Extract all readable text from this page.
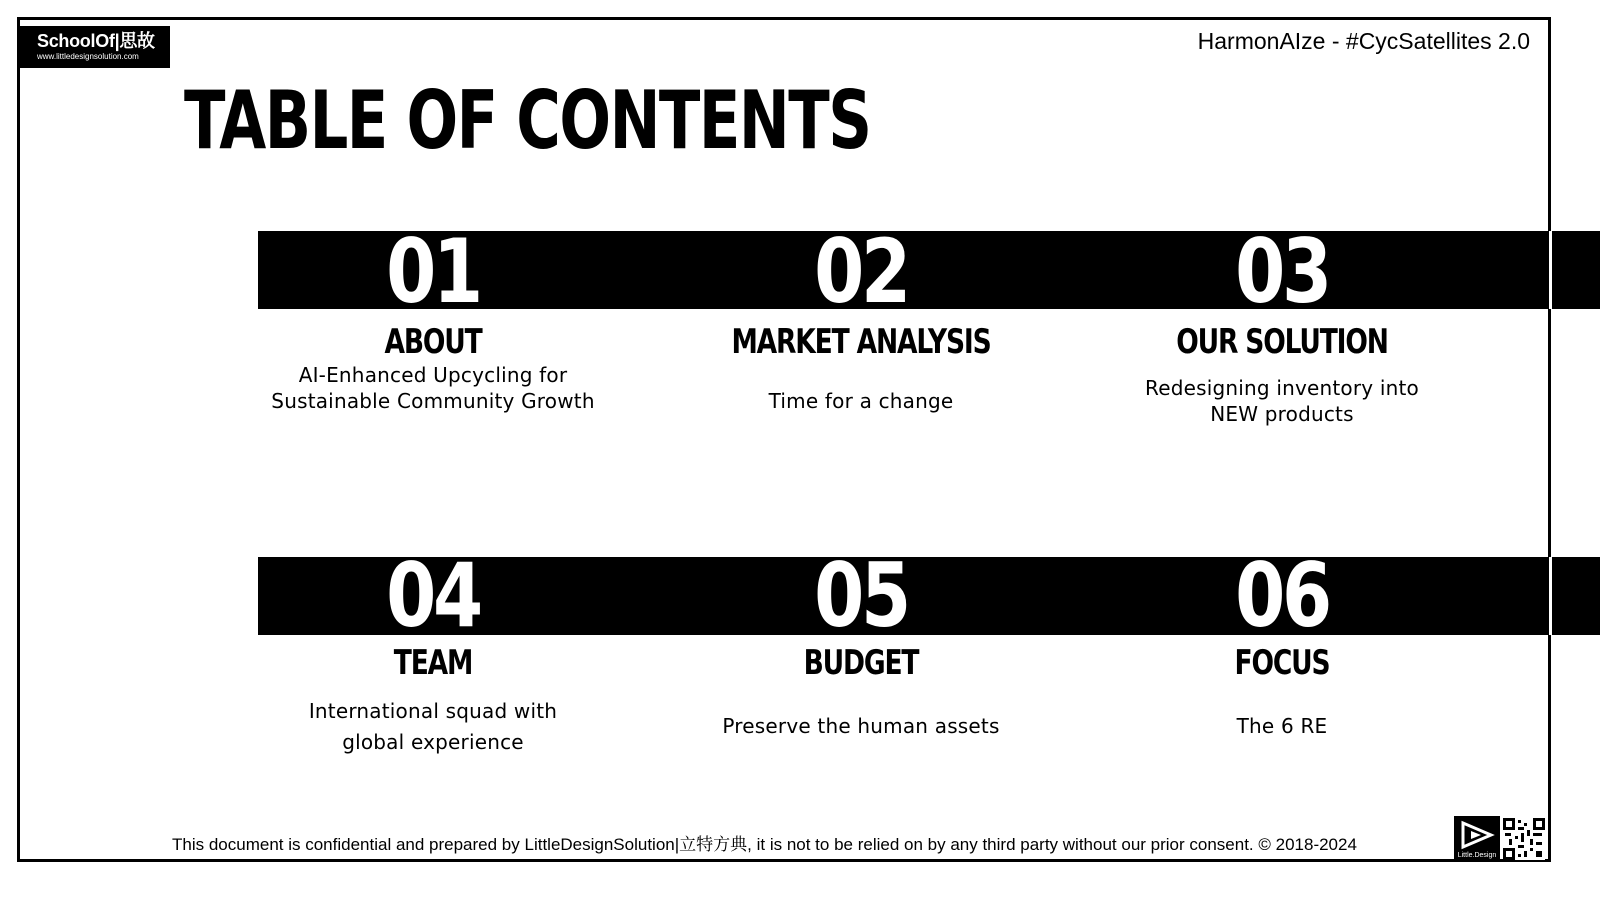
SchoolOf|思故
www.littledesignsolution.com
HarmonAIze - #CycSatellites 2.0
TABLE OF CONTENTS
01
ABOUT
AI-Enhanced Upcycling for Sustainable Community Growth
02
MARKET ANALYSIS
Time for a change
03
OUR SOLUTION
Redesigning inventory into NEW products
04
TEAM
International squad with global experience
05
BUDGET
Preserve the human assets
06
FOCUS
The 6 RE
This document is confidential and prepared by LittleDesignSolution|立特方典, it is not to be relied on by any third party without our prior consent. © 2018-2024
Little.Design
